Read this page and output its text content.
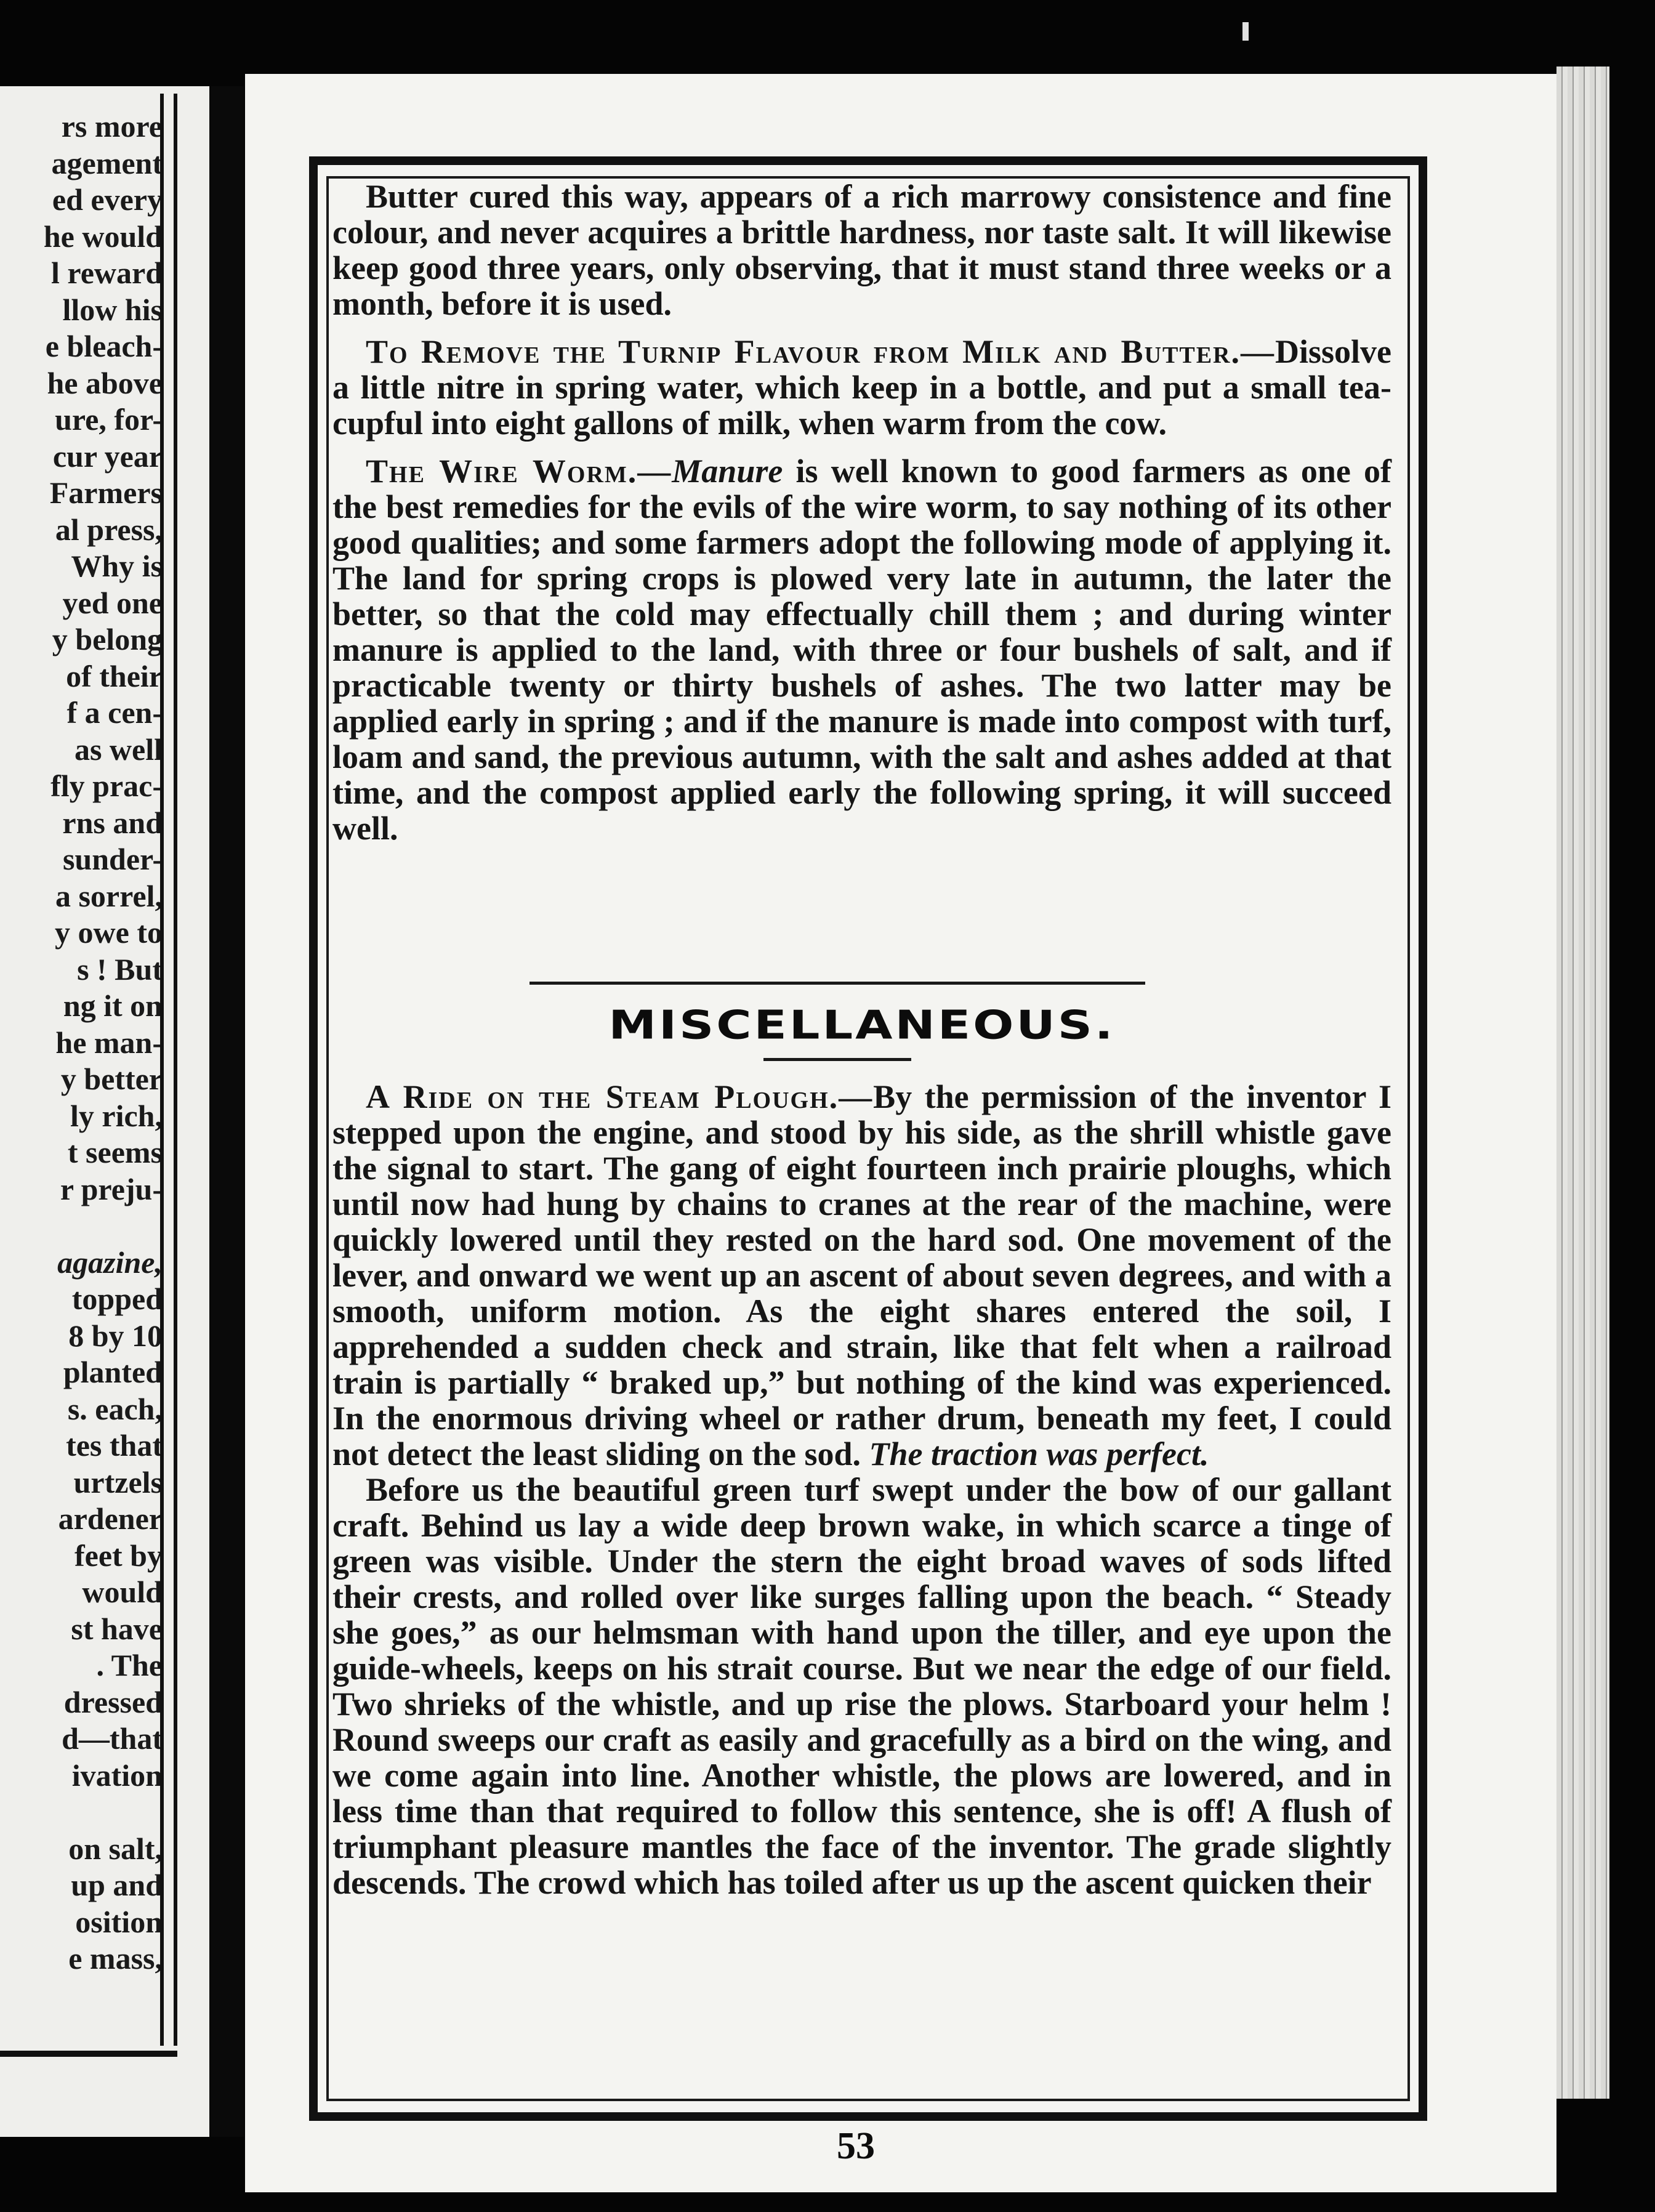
rs more
agement
ed every
he would
l reward
llow his
e bleach-
he above
ure, for-
cur year
Farmers
al press,
Why is
yed one
y belong
of their
f a cen-
as well
fly prac-
rns and
sunder-
a sorrel,
y owe to
s ! But
ng it on
he man-
y better
ly rich,
t seems
r preju-
agazine,
topped
8 by 10
planted
s. each,
tes that
urtzels
ardener
feet by
would
st have
. The
dressed
d—that
ivation
on salt,
up and
osition
e mass,

Butter cured this way, appears of a rich marrowy consistence and fine colour, and never acquires a brittle hardness, nor taste salt. It will likewise keep good three years, only observing, that it must stand three weeks or a month, before it is used.

To Remove the Turnip Flavour from Milk and Butter.—Dissolve a little nitre in spring water, which keep in a bottle, and put a small tea-cupful into eight gallons of milk, when warm from the cow.

The Wire Worm.—Manure is well known to good farmers as one of the best remedies for the evils of the wire worm, to say nothing of its other good qualities; and some farmers adopt the following mode of applying it. The land for spring crops is plowed very late in autumn, the later the better, so that the cold may effectually chill them ; and during winter manure is applied to the land, with three or four bushels of salt, and if practicable twenty or thirty bushels of ashes. The two latter may be applied early in spring ; and if the manure is made into compost with turf, loam and sand, the previous autumn, with the salt and ashes added at that time, and the compost applied early the following spring, it will succeed well.

MISCELLANEOUS.

A Ride on the Steam Plough.—By the permission of the inventor I stepped upon the engine, and stood by his side, as the shrill whistle gave the signal to start. The gang of eight fourteen inch prairie ploughs, which until now had hung by chains to cranes at the rear of the machine, were quickly lowered until they rested on the hard sod. One movement of the lever, and onward we went up an ascent of about seven degrees, and with a smooth, uniform motion. As the eight shares entered the soil, I apprehended a sudden check and strain, like that felt when a railroad train is partially “ braked up,” but nothing of the kind was experienced. In the enormous driving wheel or rather drum, beneath my feet, I could not detect the least sliding on the sod. The traction was perfect.

Before us the beautiful green turf swept under the bow of our gallant craft. Behind us lay a wide deep brown wake, in which scarce a tinge of green was visible. Under the stern the eight broad waves of sods lifted their crests, and rolled over like surges falling upon the beach. “ Steady she goes,” as our helmsman with hand upon the tiller, and eye upon the guide-wheels, keeps on his strait course. But we near the edge of our field. Two shrieks of the whistle, and up rise the plows. Starboard your helm ! Round sweeps our craft as easily and gracefully as a bird on the wing, and we come again into line. Another whistle, the plows are lowered, and in less time than that required to follow this sentence, she is off! A flush of triumphant pleasure mantles the face of the inventor. The grade slightly descends. The crowd which has toiled after us up the ascent quicken their

53
